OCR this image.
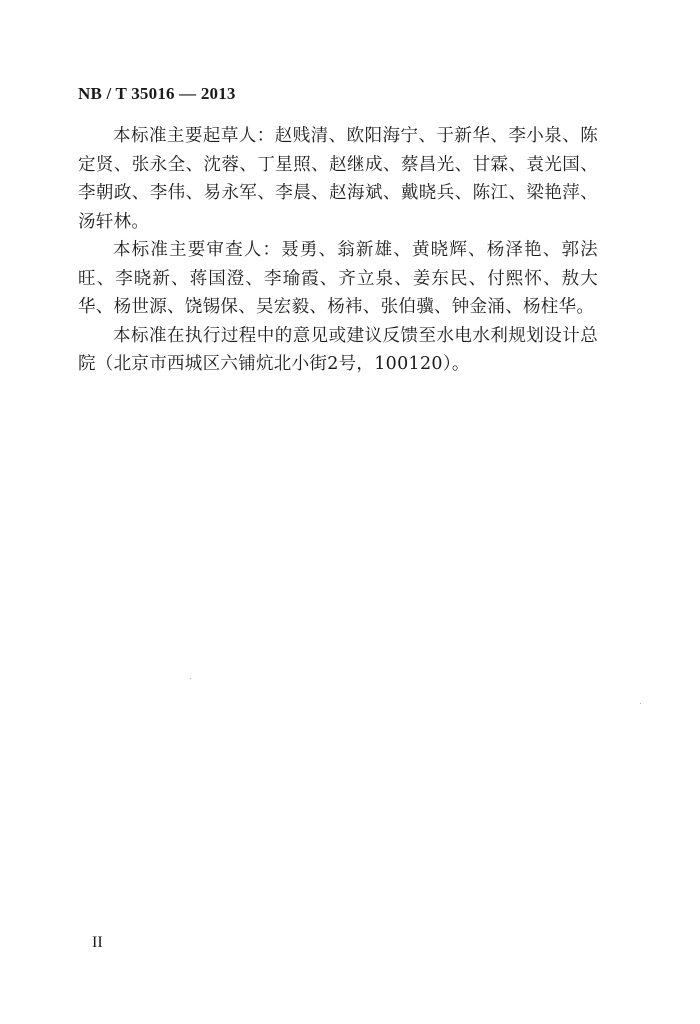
NB / T 35016 — 2013

本标准主要起草人：赵贱清、欧阳海宁、于新华、李小泉、陈定贤、张永全、沈蓉、丁星照、赵继成、蔡昌光、甘霖、袁光国、李朝政、李伟、易永军、李晨、赵海斌、戴晓兵、陈江、梁艳萍、汤轩林。

本标准主要审查人：聂勇、翁新雄、黄晓辉、杨泽艳、郭法旺、李晓新、蒋国澄、李瑜霞、齐立泉、姜东民、付熙怀、敖大华、杨世源、饶锡保、吴宏毅、杨袆、张伯骥、钟金涌、杨柱华。

本标准在执行过程中的意见或建议反馈至水电水利规划设计总院（北京市西城区六铺炕北小街2号，100120）。

II
